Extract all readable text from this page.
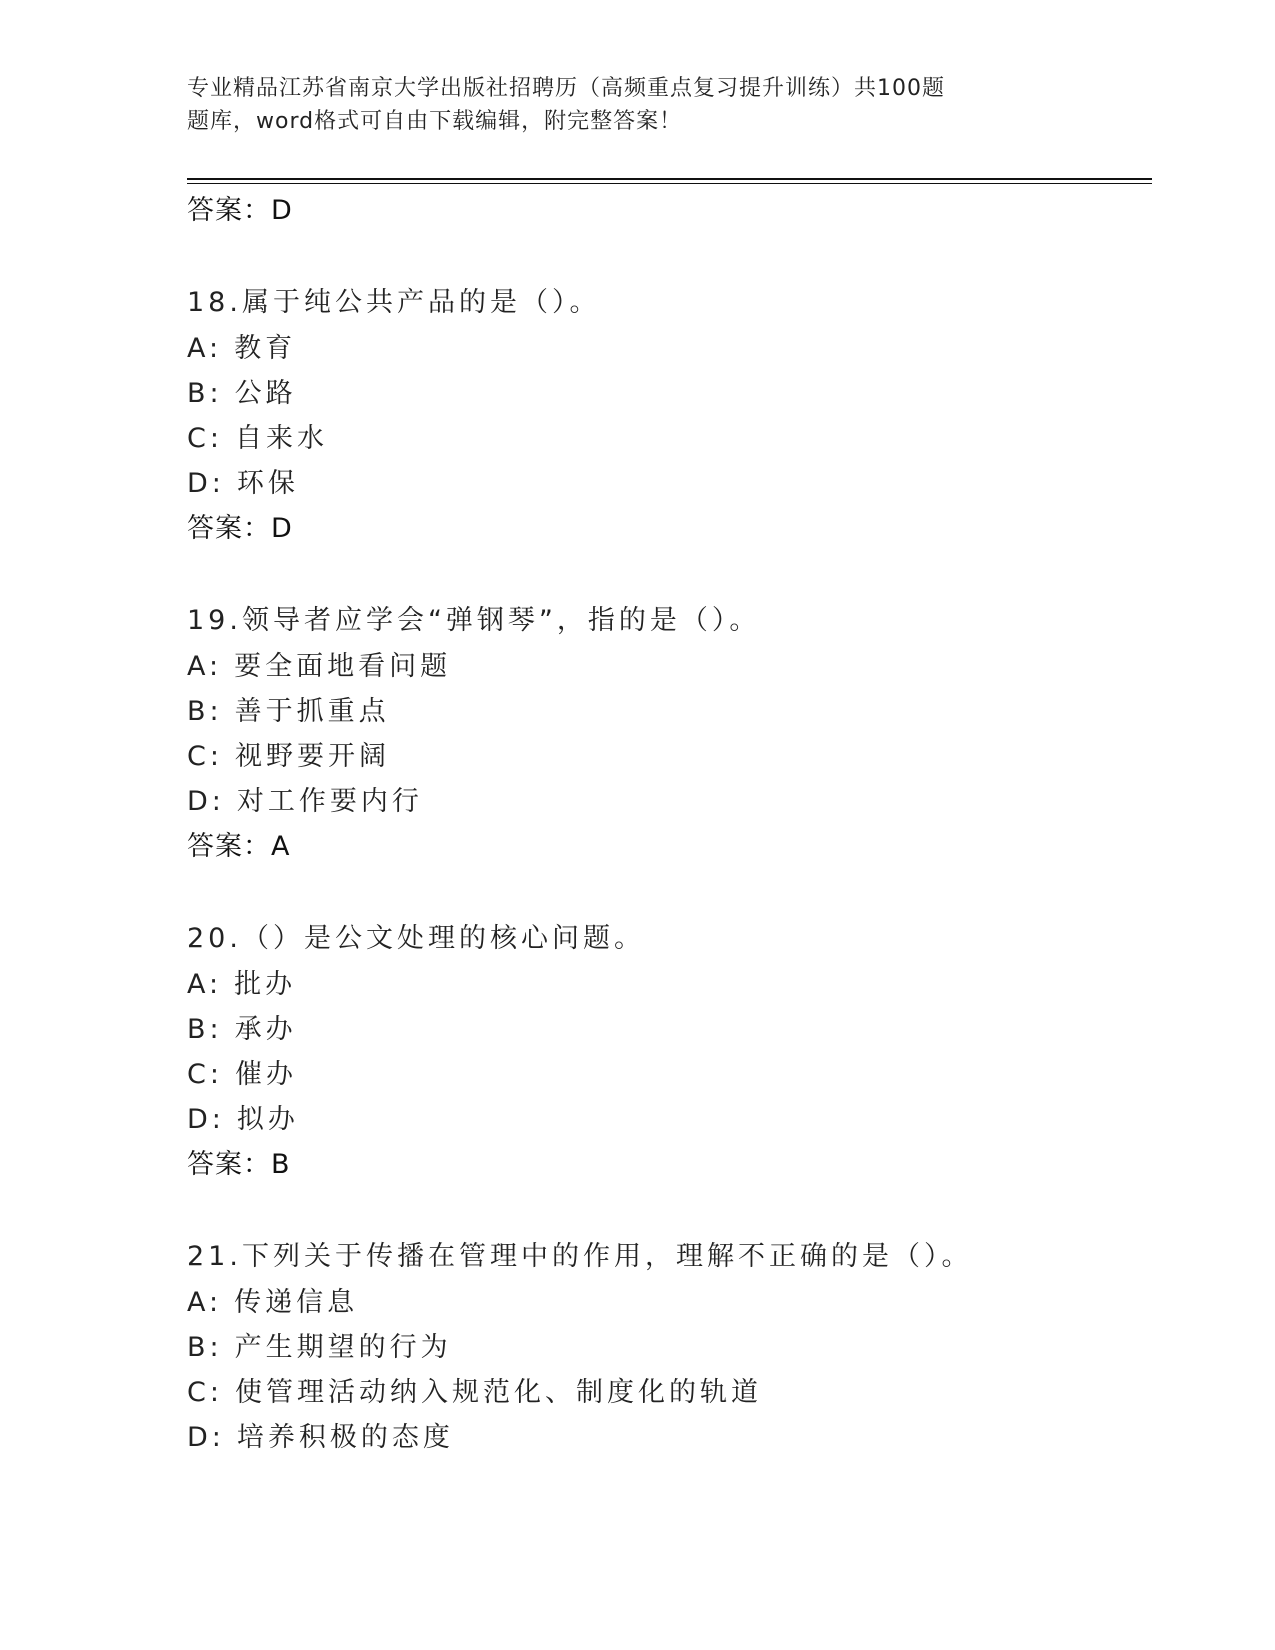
专业精品江苏省南京大学出版社招聘历（高频重点复习提升训练）共100题
题库，word格式可自由下载编辑，附完整答案！
答案：D
18.属于纯公共产品的是（）。
A: 教育
B: 公路
C: 自来水
D: 环保
答案：D
19.领导者应学会“弹钢琴”，指的是（）。
A: 要全面地看问题
B: 善于抓重点
C: 视野要开阔
D: 对工作要内行
答案：A
20.（）是公文处理的核心问题。
A: 批办
B: 承办
C: 催办
D: 拟办
答案：B
21.下列关于传播在管理中的作用，理解不正确的是（）。
A: 传递信息
B: 产生期望的行为
C: 使管理活动纳入规范化、制度化的轨道
D: 培养积极的态度
